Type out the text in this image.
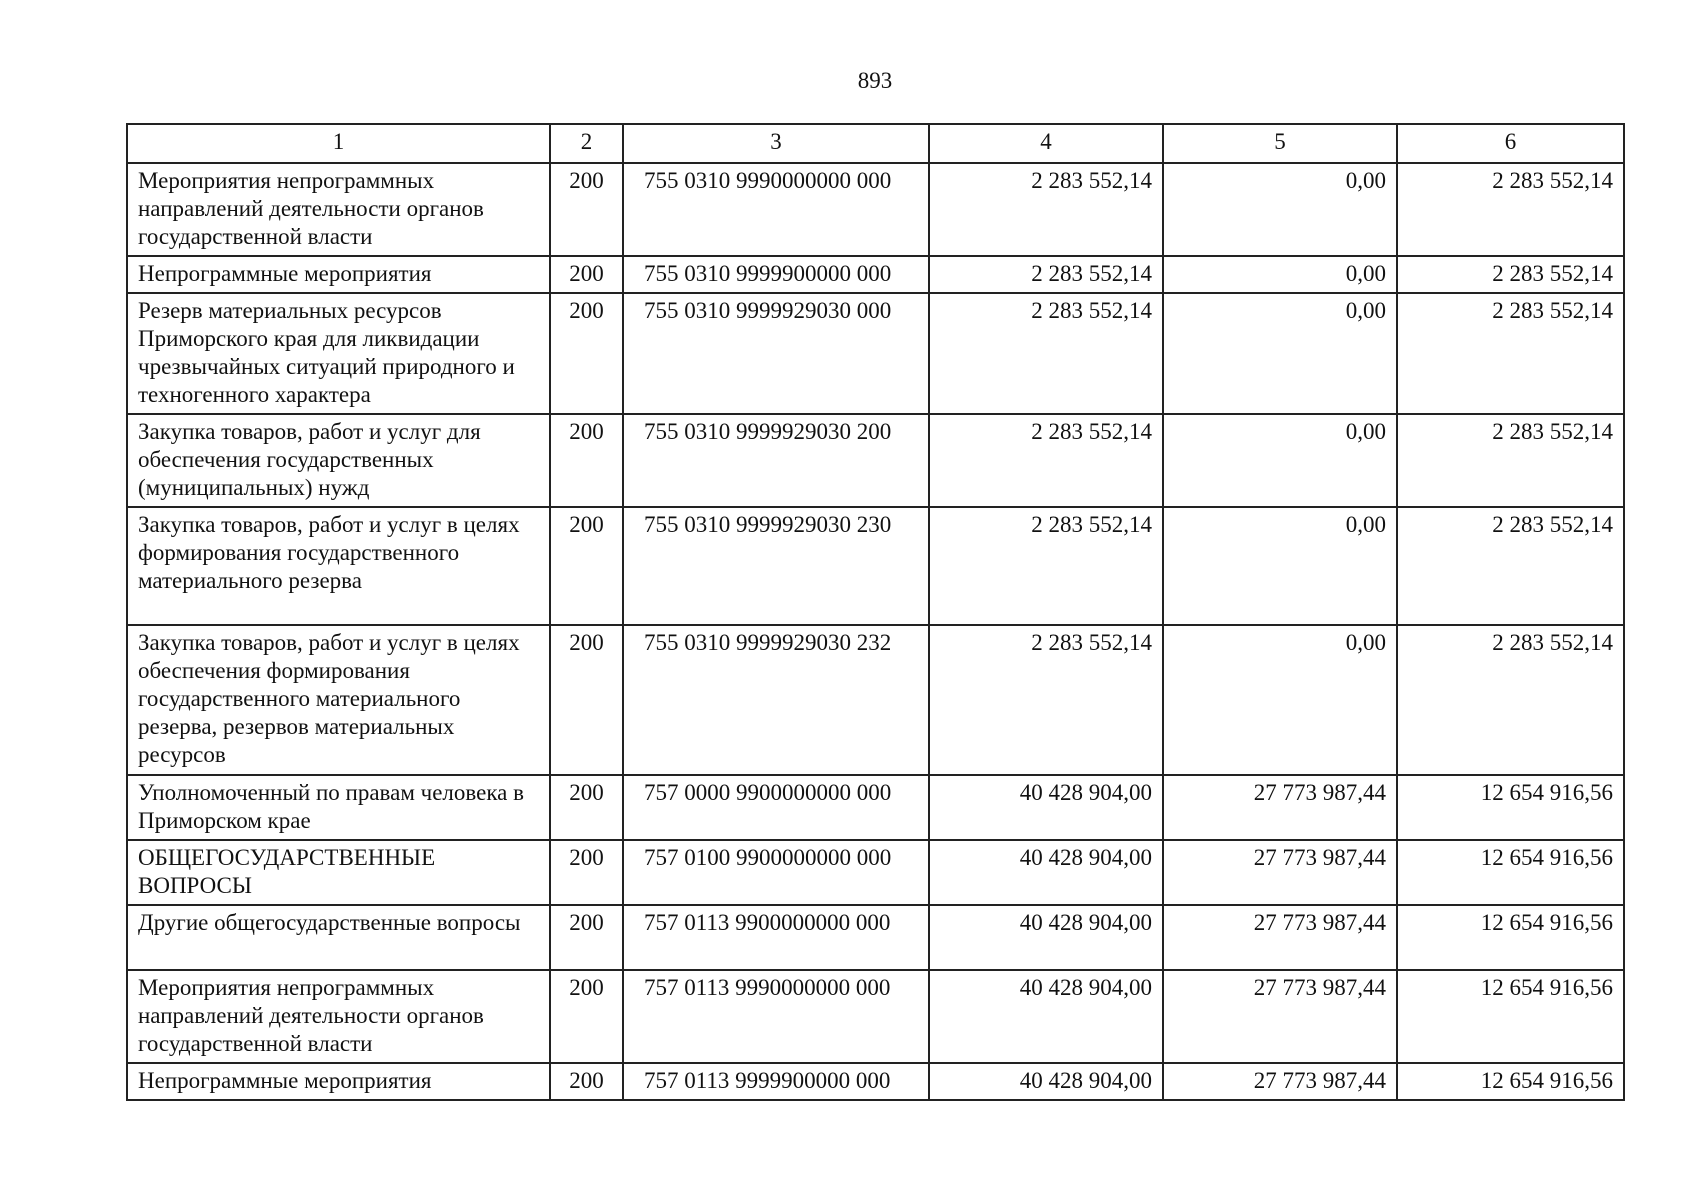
893
1	2	3	4	5	6
Мероприятия непрограммных направлений деятельности органов государственной власти	200	755 0310 9990000000 000	2 283 552,14	0,00	2 283 552,14
Непрограммные мероприятия	200	755 0310 9999900000 000	2 283 552,14	0,00	2 283 552,14
Резерв материальных ресурсов Приморского края для ликвидации чрезвычайных ситуаций природного и техногенного характера	200	755 0310 9999929030 000	2 283 552,14	0,00	2 283 552,14
Закупка товаров, работ и услуг для обеспечения государственных (муниципальных) нужд	200	755 0310 9999929030 200	2 283 552,14	0,00	2 283 552,14
Закупка товаров, работ и услуг в целях формирования государственного материального резерва	200	755 0310 9999929030 230	2 283 552,14	0,00	2 283 552,14
Закупка товаров, работ и услуг в целях обеспечения формирования государственного материального резерва, резервов материальных ресурсов	200	755 0310 9999929030 232	2 283 552,14	0,00	2 283 552,14
Уполномоченный по правам человека в Приморском крае	200	757 0000 9900000000 000	40 428 904,00	27 773 987,44	12 654 916,56
ОБЩЕГОСУДАРСТВЕННЫЕ ВОПРОСЫ	200	757 0100 9900000000 000	40 428 904,00	27 773 987,44	12 654 916,56
Другие общегосударственные вопросы	200	757 0113 9900000000 000	40 428 904,00	27 773 987,44	12 654 916,56
Мероприятия непрограммных направлений деятельности органов государственной власти	200	757 0113 9990000000 000	40 428 904,00	27 773 987,44	12 654 916,56
Непрограммные мероприятия	200	757 0113 9999900000 000	40 428 904,00	27 773 987,44	12 654 916,56
